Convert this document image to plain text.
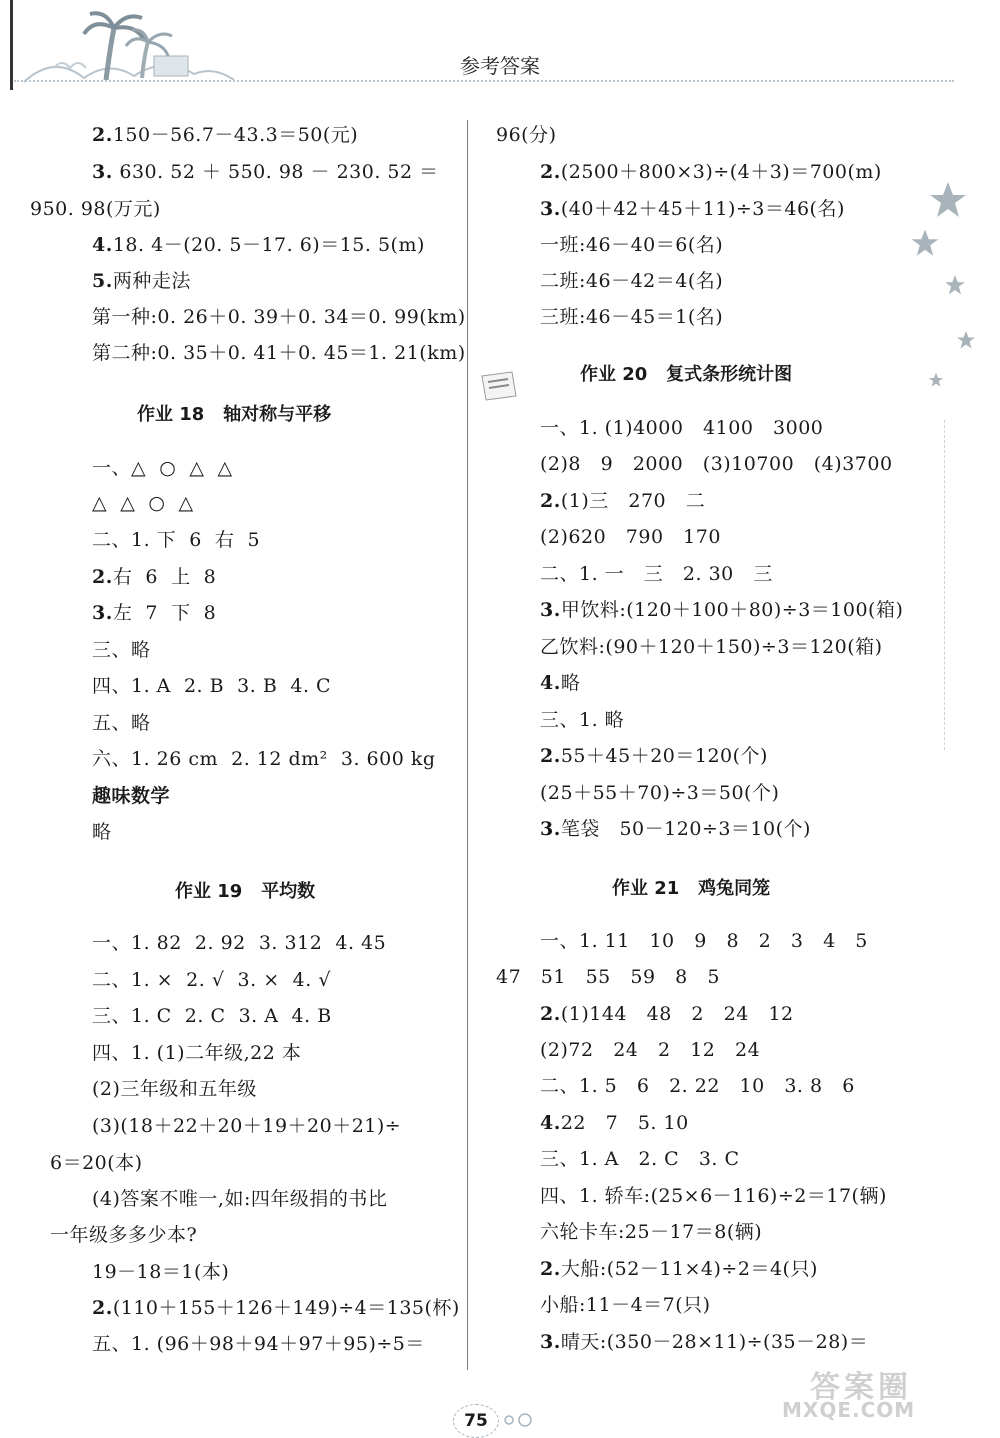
参考答案
2.150－56.7－43.3＝50(元)
3. 630. 52 ＋ 550. 98 － 230. 52 ＝
950. 98(万元)
4.18. 4－(20. 5－17. 6)＝15. 5(m)
5.两种走法
第一种:0. 26＋0. 39＋0. 34＝0. 99(km)
第二种:0. 35＋0. 41＋0. 45＝1. 21(km)
作业 18   轴对称与平移
一、△  ○  △  △
△  △  ○  △
二、1. 下  6  右  5
2.右  6  上  8
3.左  7  下  8
三、略
四、1. A  2. B  3. B  4. C
五、略
六、1. 26 cm  2. 12 dm²  3. 600 kg
趣味数学
略
作业 19   平均数
一、1. 82  2. 92  3. 312  4. 45
二、1. ×  2. √  3. ×  4. √
三、1. C  2. C  3. A  4. B
四、1. (1)二年级,22 本
(2)三年级和五年级
(3)(18＋22＋20＋19＋20＋21)÷
6＝20(本)
(4)答案不唯一,如:四年级捐的书比
一年级多多少本?
19－18＝1(本)
2.(110＋155＋126＋149)÷4＝135(杯)
五、1. (96＋98＋94＋97＋95)÷5＝
96(分)
2.(2500＋800×3)÷(4＋3)＝700(m)
3.(40＋42＋45＋11)÷3＝46(名)
一班:46－40＝6(名)
二班:46－42＝4(名)
三班:46－45＝1(名)
作业 20   复式条形统计图
一、1. (1)4000   4100   3000
(2)8   9   2000   (3)10700   (4)3700
2.(1)三   270   二
(2)620   790   170
二、1. 一   三   2. 30   三
3.甲饮料:(120＋100＋80)÷3＝100(箱)
乙饮料:(90＋120＋150)÷3＝120(箱)
4.略
三、1. 略
2.55＋45＋20＝120(个)
(25＋55＋70)÷3＝50(个)
3.笔袋   50－120÷3＝10(个)
作业 21   鸡兔同笼
一、1. 11   10   9   8   2   3   4   5
47   51   55   59   8   5
2.(1)144   48   2   24   12
(2)72   24   2   12   24
二、1. 5   6   2. 22   10   3. 8   6
4.22   7   5. 10
三、1. A   2. C   3. C
四、1. 轿车:(25×6－116)÷2＝17(辆)
六轮卡车:25－17＝8(辆)
2.大船:(52－11×4)÷2＝4(只)
小船:11－4＝7(只)
3.晴天:(350－28×11)÷(35－28)＝
75
答案圈
MXQE.COM
